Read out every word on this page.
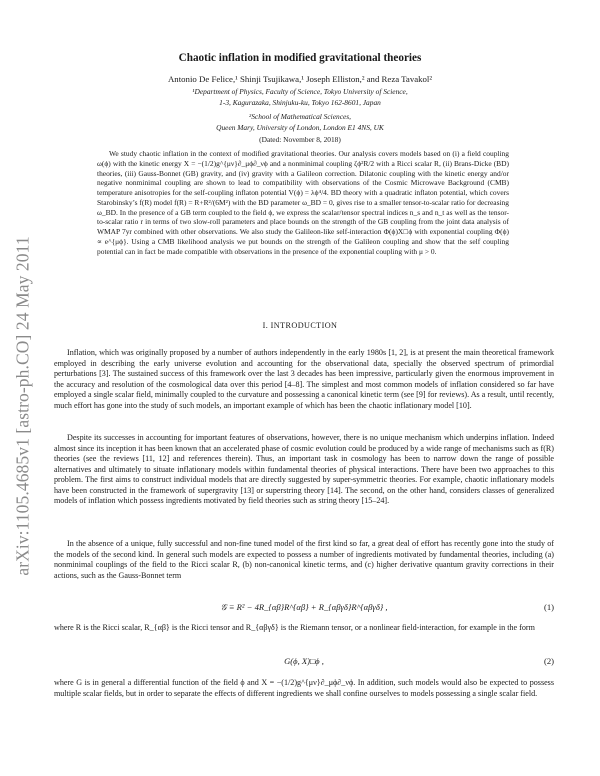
arXiv:1105.4685v1 [astro-ph.CO] 24 May 2011
Chaotic inflation in modified gravitational theories
Antonio De Felice,¹ Shinji Tsujikawa,¹ Joseph Elliston,² and Reza Tavakol²
¹Department of Physics, Faculty of Science, Tokyo University of Science,
1-3, Kagurazaka, Shinjuku-ku, Tokyo 162-8601, Japan
²School of Mathematical Sciences,
Queen Mary, University of London, London E1 4NS, UK
(Dated: November 8, 2018)

We study chaotic inflation in the context of modified gravitational theories. Our analysis covers models based on (i) a field coupling ω(ϕ) with the kinetic energy X = −(1/2)g^{μν}∂_μϕ∂_νϕ and a nonminimal coupling ζϕ²R/2 with a Ricci scalar R, (ii) Brans-Dicke (BD) theories, (iii) Gauss-Bonnet (GB) gravity, and (iv) gravity with a Galileon correction. Dilatonic coupling with the kinetic energy and/or negative nonminimal coupling are shown to lead to compatibility with observations of the Cosmic Microwave Background (CMB) temperature anisotropies for the self-coupling inflaton potential V(ϕ) = λϕ⁴/4. BD theory with a quadratic inflaton potential, which covers Starobinsky’s f(R) model f(R) = R+R²/(6M²) with the BD parameter ω_BD = 0, gives rise to a smaller tensor-to-scalar ratio for decreasing ω_BD. In the presence of a GB term coupled to the field ϕ, we express the scalar/tensor spectral indices n_s and n_t as well as the tensor-to-scalar ratio r in terms of two slow-roll parameters and place bounds on the strength of the GB coupling from the joint data analysis of WMAP 7yr combined with other observations. We also study the Galileon-like self-interaction Φ(ϕ)X□ϕ with exponential coupling Φ(ϕ) ∝ e^{μϕ}. Using a CMB likelihood analysis we put bounds on the strength of the Galileon coupling and show that the self coupling potential can in fact be made compatible with observations in the presence of the exponential coupling with μ > 0.

I. INTRODUCTION

Inflation, which was originally proposed by a number of authors independently in the early 1980s [1, 2], is at present the main theoretical framework employed in describing the early universe evolution and accounting for the observational data, specially the observed spectrum of primordial perturbations [3]. The sustained success of this framework over the last 3 decades has been impressive, particularly given the enormous improvement in the accuracy and resolution of the cosmological data over this period [4–8]. The simplest and most common models of inflation considered so far have employed a single scalar field, minimally coupled to the curvature and possessing a canonical kinetic term (see [9] for reviews). As a result, until recently, much effort has gone into the study of such models, an important example of which has been the chaotic inflationary model [10].

Despite its successes in accounting for important features of observations, however, there is no unique mechanism which underpins inflation. Indeed almost since its inception it has been known that an accelerated phase of cosmic evolution could be produced by a wide range of mechanisms such as f(R) theories (see the reviews [11, 12] and references therein). Thus, an important task in cosmology has been to narrow down the range of possible alternatives and ultimately to situate inflationary models within fundamental theories of physical interactions. There have been two approaches to this problem. The first aims to construct individual models that are directly suggested by super-symmetric theories. For example, chaotic inflationary models have been constructed in the framework of supergravity [13] or superstring theory [14]. The second, on the other hand, considers classes of generalized models of inflation which possess ingredients motivated by field theories such as string theory [15–24].

In the absence of a unique, fully successful and non-fine tuned model of the first kind so far, a great deal of effort has recently gone into the study of the models of the second kind. In general such models are expected to possess a number of ingredients motivated by fundamental theories, including (a) nonminimal couplings of the field to the Ricci scalar R, (b) non-canonical kinetic terms, and (c) higher derivative quantum gravity corrections in their actions, such as the Gauss-Bonnet term

𝒢 ≡ R² − 4R_{αβ}R^{αβ} + R_{αβγδ}R^{αβγδ} ,	(1)

where R is the Ricci scalar, R_{αβ} is the Ricci tensor and R_{αβγδ} is the Riemann tensor, or a nonlinear field-interaction, for example in the form

G(ϕ, X)□ϕ ,	(2)

where G is in general a differential function of the field ϕ and X = −(1/2)g^{μν}∂_μϕ∂_νϕ. In addition, such models would also be expected to possess multiple scalar fields, but in order to separate the effects of different ingredients we shall confine ourselves to models possessing a single scalar field.
